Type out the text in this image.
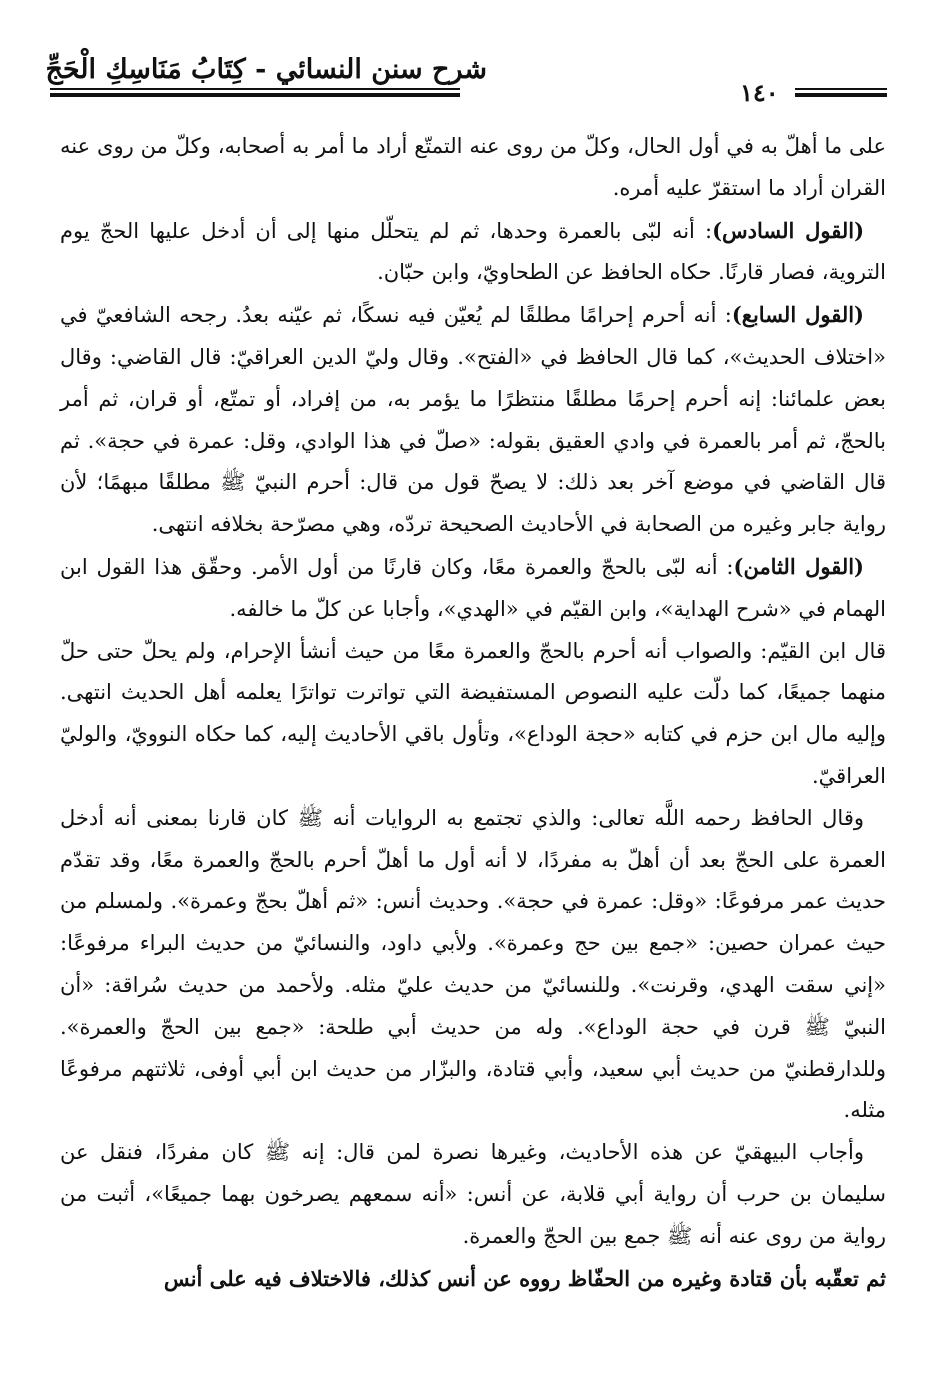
شرح سنن النسائي - كِتَابُ مَنَاسِكِ الْحَجِّ
١٤٠

على ما أهلّ به في أول الحال، وكلّ من روى عنه التمتّع أراد ما أمر به أصحابه، وكلّ من روى عنه القران أراد ما استقرّ عليه أمره.

(القول السادس): أنه لبّى بالعمرة وحدها، ثم لم يتحلّل منها إلى أن أدخل عليها الحجّ يوم التروية، فصار قارنًا. حكاه الحافظ عن الطحاويّ، وابن حبّان.

(القول السابع): أنه أحرم إحرامًا مطلقًا لم يُعيّن فيه نسكًا، ثم عيّنه بعدُ. رجحه الشافعيّ في «اختلاف الحديث»، كما قال الحافظ في «الفتح». وقال وليّ الدين العراقيّ: قال القاضي: وقال بعض علمائنا: إنه أحرم إحرمًا مطلقًا منتظرًا ما يؤمر به، من إفراد، أو تمتّع، أو قران، ثم أمر بالحجّ، ثم أمر بالعمرة في وادي العقيق بقوله: «صلّ في هذا الوادي، وقل: عمرة في حجة». ثم قال القاضي في موضع آخر بعد ذلك: لا يصحّ قول من قال: أحرم النبيّ ﷺ مطلقًا مبهمًا؛ لأن رواية جابر وغيره من الصحابة في الأحاديث الصحيحة تردّه، وهي مصرّحة بخلافه انتهى.

(القول الثامن): أنه لبّى بالحجّ والعمرة معًا، وكان قارنًا من أول الأمر. وحقّق هذا القول ابن الهمام في «شرح الهداية»، وابن القيّم في «الهدي»، وأجابا عن كلّ ما خالفه.

قال ابن القيّم: والصواب أنه أحرم بالحجّ والعمرة معًا من حيث أنشأ الإحرام، ولم يحلّ حتى حلّ منهما جميعًا، كما دلّت عليه النصوص المستفيضة التي تواترت تواترًا يعلمه أهل الحديث انتهى. وإليه مال ابن حزم في كتابه «حجة الوداع»، وتأول باقي الأحاديث إليه، كما حكاه النوويّ، والوليّ العراقيّ.

وقال الحافظ رحمه اللَّه تعالى: والذي تجتمع به الروايات أنه ﷺ كان قارنا بمعنى أنه أدخل العمرة على الحجّ بعد أن أهلّ به مفردًا، لا أنه أول ما أهلّ أحرم بالحجّ والعمرة معًا، وقد تقدّم حديث عمر مرفوعًا: «وقل: عمرة في حجة». وحديث أنس: «ثم أهلّ بحجّ وعمرة». ولمسلم من حيث عمران حصين: «جمع بين حج وعمرة». ولأبي داود، والنسائيّ من حديث البراء مرفوعًا: «إني سقت الهدي، وقرنت». وللنسائيّ من حديث عليّ مثله. ولأحمد من حديث سُراقة: «أن النبيّ ﷺ قرن في حجة الوداع». وله من حديث أبي طلحة: «جمع بين الحجّ والعمرة». وللدارقطنيّ من حديث أبي سعيد، وأبي قتادة، والبزّار من حديث ابن أبي أوفى، ثلاثتهم مرفوعًا مثله.

وأجاب البيهقيّ عن هذه الأحاديث، وغيرها نصرة لمن قال: إنه ﷺ كان مفردًا، فنقل عن سليمان بن حرب أن رواية أبي قلابة، عن أنس: «أنه سمعهم يصرخون بهما جميعًا»، أثبت من رواية من روى عنه أنه ﷺ جمع بين الحجّ والعمرة.

ثم تعقّبه بأن قتادة وغيره من الحفّاظ رووه عن أنس كذلك، فالاختلاف فيه على أنس
